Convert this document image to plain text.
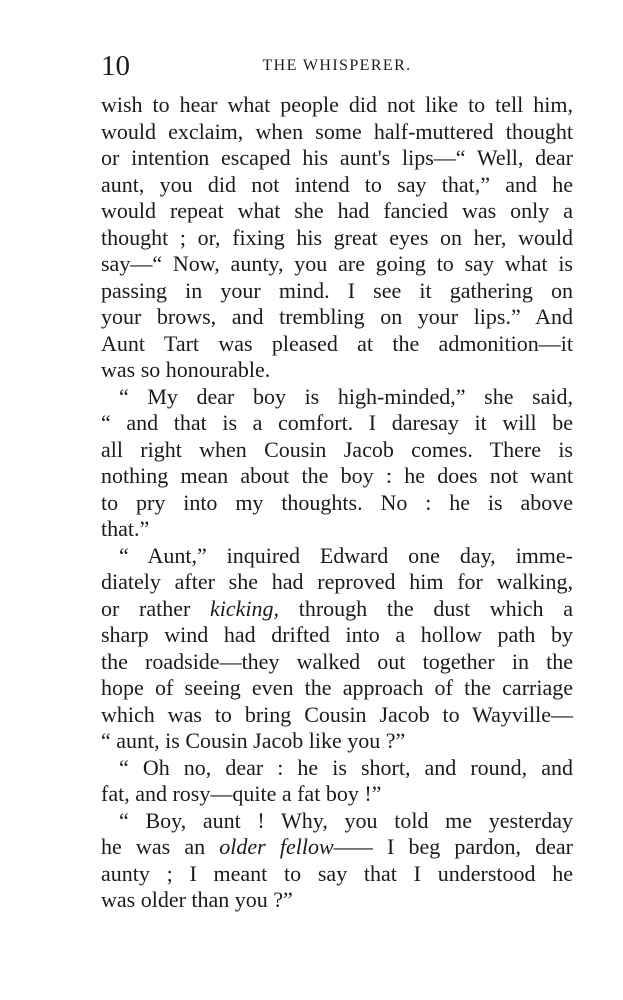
10	THE WHISPERER.
wish to hear what people did not like to tell him,
would exclaim, when some half-muttered thought
or intention escaped his aunt's lips—“ Well, dear
aunt, you did not intend to say that,” and he
would repeat what she had fancied was only a
thought ; or, fixing his great eyes on her, would
say—“ Now, aunty, you are going to say what is
passing in your mind. I see it gathering on
your brows, and trembling on your lips.” And
Aunt Tart was pleased at the admonition—it
was so honourable.
“ My dear boy is high-minded,” she said,
“ and that is a comfort. I daresay it will be
all right when Cousin Jacob comes. There is
nothing mean about the boy : he does not want
to pry into my thoughts. No : he is above
that.”
“ Aunt,” inquired Edward one day, imme-
diately after she had reproved him for walking,
or rather kicking, through the dust which a
sharp wind had drifted into a hollow path by
the roadside—they walked out together in the
hope of seeing even the approach of the carriage
which was to bring Cousin Jacob to Wayville—
“ aunt, is Cousin Jacob like you ?”
“ Oh no, dear : he is short, and round, and
fat, and rosy—quite a fat boy !”
“ Boy, aunt ! Why, you told me yesterday
he was an older fellow—— I beg pardon, dear
aunty ; I meant to say that I understood he
was older than you ?”
